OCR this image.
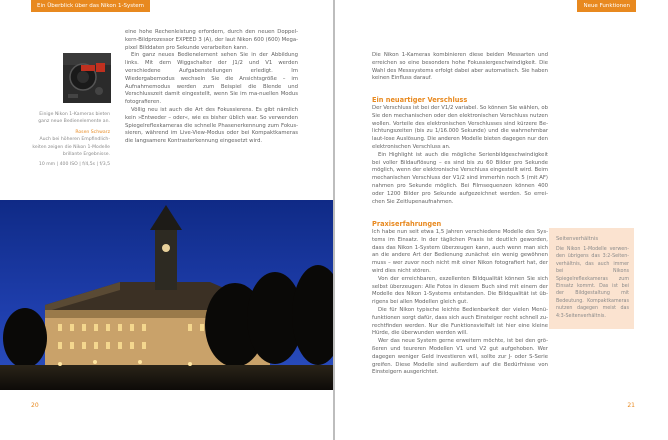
Ein Überblick über das Nikon 1-System
Einige Nikon 1-Kameras bieten
ganz neue Bedienelemente an.
Rosen Schwarz
Auch bei höheren Empfindlich-
keiten zeigen die Nikon 1-Modelle
brillante Ergebnisse.
10 mm | 400 ISO | f/4,5s | f/3,5

eine hohe Rechenleistung erfordern, durch den neuen Doppel-kern-Bildprozessor EXPEED 3 (A), der laut Nikon 600 (600) Mega-pixel Bilddaten pro Sekunde verarbeiten kann.

Ein ganz neues Bedienelement sehen Sie in der Abbildung links. Mit dem Wiggschalter der J1/2 und V1 werden verschiedene Aufgabenstellungen erledigt. Im Wiedergabemodus wechseln Sie die Ansichtsgröße – im Aufnahmemodus werden zum Beispiel die Blende und Verschlusszeit damit eingestellt, wenn Sie im ma-nuellen Modus fotografieren.

Völlig neu ist auch die Art des Fokussierens. Es gibt nämlich kein »Entweder – oder«, wie es bisher üblich war. So verwenden Spiegelreflexkameras die schnelle Phasenerkennung zum Fokus-sieren, während im Live-View-Modus oder bei Kompaktkameras die langsamere Kontrasterkennung eingesetzt wird.

20
Neue Funktionen

Die Nikon 1-Kameras kombinieren diese beiden Messarten und erreichen so eine besonders hohe Fokussiergeschwindigkeit. Die Wahl des Messsystems erfolgt dabei aber automatisch. Sie haben keinen Einfluss darauf.

Ein neuartiger Verschluss

Der Verschluss ist bei der V1/2 variabel. So können Sie wählen, ob Sie den mechanischen oder den elektronischen Verschluss nutzen wollen. Vorteile des elektronischen Verschlusses sind kürzere Be-lichtungszeiten (bis zu 1/16.000 Sekunde) und die wahrnehmbar laut-lose Auslösung. Die anderen Modelle bieten dagegen nur den elektronischen Verschluss an.

Ein Highlight ist auch die mögliche Serienbildgeschwindigkeit bei voller Bildauflösung – es sind bis zu 60 Bilder pro Sekunde möglich, wenn der elektronische Verschluss eingestellt wird. Beim mechanischen Verschluss der V1/2 sind immerhin noch 5 (mit AF) nahmen pro Sekunde möglich. Bei Filmsequenzen können 400 oder 1200 Bilder pro Sekunde aufgezeichnet werden. So errei-chen Sie Zeitlupenaufnahmen.

Praxiserfahrungen

Ich habe nun seit etwa 1,5 Jahren verschiedene Modelle des Sys-tems im Einsatz. In der täglichen Praxis ist deutlich geworden, dass das Nikon 1-System überzeugen kann, auch wenn man sich an die andere Art der Bedienung zunächst ein wenig gewöhnen muss – wer zuvor noch nicht mit einer Nikon fotografiert hat, der wird dies nicht stören.

Von der erreichbaren, exzellenten Bildqualität können Sie sich selbst überzeugen: Alle Fotos in diesem Buch sind mit einem der Modelle des Nikon 1-Systems entstanden. Die Bildqualität ist üb-rigens bei allen Modellen gleich gut.

Die für Nikon typische leichte Bedienbarkeit der vielen Menü-funktionen sorgt dafür, dass sich auch Einsteiger recht schnell zu-rechtfinden werden. Nur die Funktionsvielfalt ist hier eine kleine Hürde, die überwunden werden will.

Wer das neue System gerne erweitern möchte, ist bei den grö-ßeren und teureren Modellen V1 und V2 gut aufgehoben. Wer dagegen weniger Geld investieren will, sollte zur J- oder S-Serie greifen. Diese Modelle sind außerdem auf die Bedürfnisse von Einsteigern ausgerichtet.

21
Seitenverhältnis
Die Nikon 1-Modelle verwen-den übrigens das 3:2-Seiten-verhältnis, das auch immer bei Nikons Spiegelreflexkameras zum Einsatz kommt. Das ist bei der Bildgestaltung mit Bedeutung. Kompaktkameras nutzen dagegen meist das 4:3-Seitenverhältnis.
